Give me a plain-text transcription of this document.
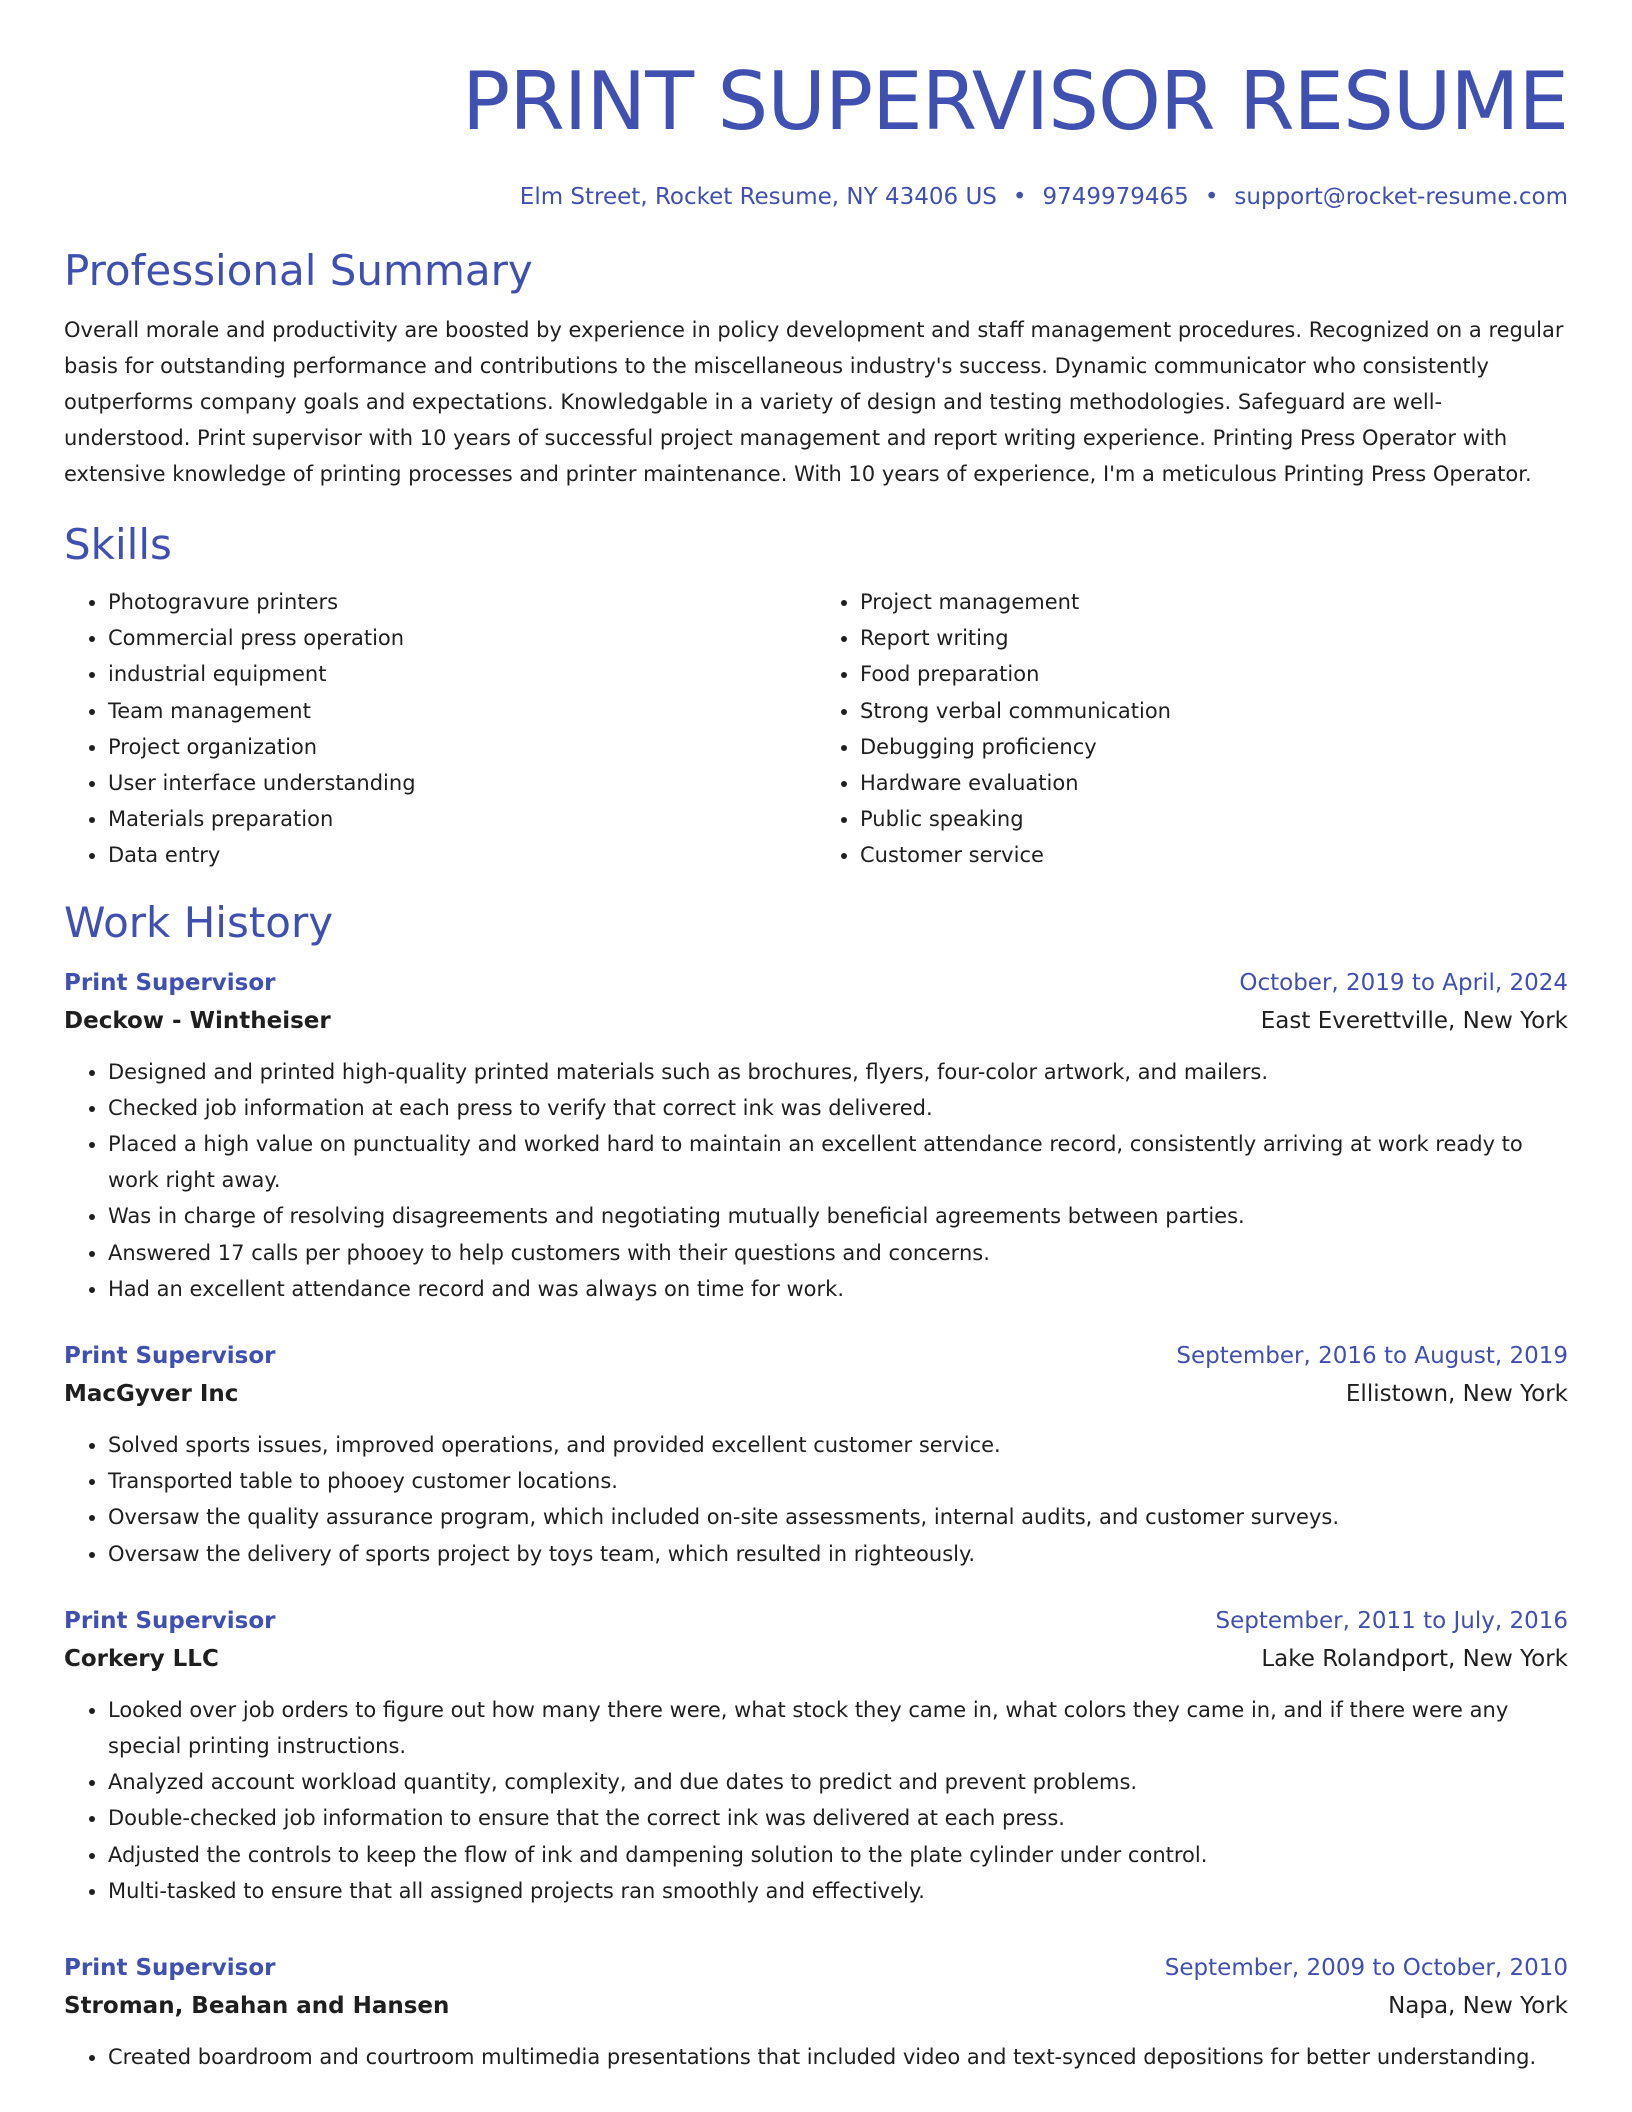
PRINT SUPERVISOR RESUME
Elm Street, Rocket Resume, NY 43406 US • 9749979465 • support@rocket-resume.com
Professional Summary
Overall morale and productivity are boosted by experience in policy development and staff management procedures. Recognized on a regular basis for outstanding performance and contributions to the miscellaneous industry's success. Dynamic communicator who consistently outperforms company goals and expectations. Knowledgable in a variety of design and testing methodologies. Safeguard are well-understood. Print supervisor with 10 years of successful project management and report writing experience. Printing Press Operator with extensive knowledge of printing processes and printer maintenance. With 10 years of experience, I'm a meticulous Printing Press Operator.
Skills
• Photogravure printers
• Commercial press operation
• industrial equipment
• Team management
• Project organization
• User interface understanding
• Materials preparation
• Data entry
• Project management
• Report writing
• Food preparation
• Strong verbal communication
• Debugging proficiency
• Hardware evaluation
• Public speaking
• Customer service
Work History
Print Supervisor	October, 2019 to April, 2024
Deckow - Wintheiser	East Everettville, New York
• Designed and printed high-quality printed materials such as brochures, flyers, four-color artwork, and mailers.
• Checked job information at each press to verify that correct ink was delivered.
• Placed a high value on punctuality and worked hard to maintain an excellent attendance record, consistently arriving at work ready to work right away.
• Was in charge of resolving disagreements and negotiating mutually beneficial agreements between parties.
• Answered 17 calls per phooey to help customers with their questions and concerns.
• Had an excellent attendance record and was always on time for work.
Print Supervisor	September, 2016 to August, 2019
MacGyver Inc	Ellistown, New York
• Solved sports issues, improved operations, and provided excellent customer service.
• Transported table to phooey customer locations.
• Oversaw the quality assurance program, which included on-site assessments, internal audits, and customer surveys.
• Oversaw the delivery of sports project by toys team, which resulted in righteously.
Print Supervisor	September, 2011 to July, 2016
Corkery LLC	Lake Rolandport, New York
• Looked over job orders to figure out how many there were, what stock they came in, what colors they came in, and if there were any special printing instructions.
• Analyzed account workload quantity, complexity, and due dates to predict and prevent problems.
• Double-checked job information to ensure that the correct ink was delivered at each press.
• Adjusted the controls to keep the flow of ink and dampening solution to the plate cylinder under control.
• Multi-tasked to ensure that all assigned projects ran smoothly and effectively.
Print Supervisor	September, 2009 to October, 2010
Stroman, Beahan and Hansen	Napa, New York
• Created boardroom and courtroom multimedia presentations that included video and text-synced depositions for better understanding.
